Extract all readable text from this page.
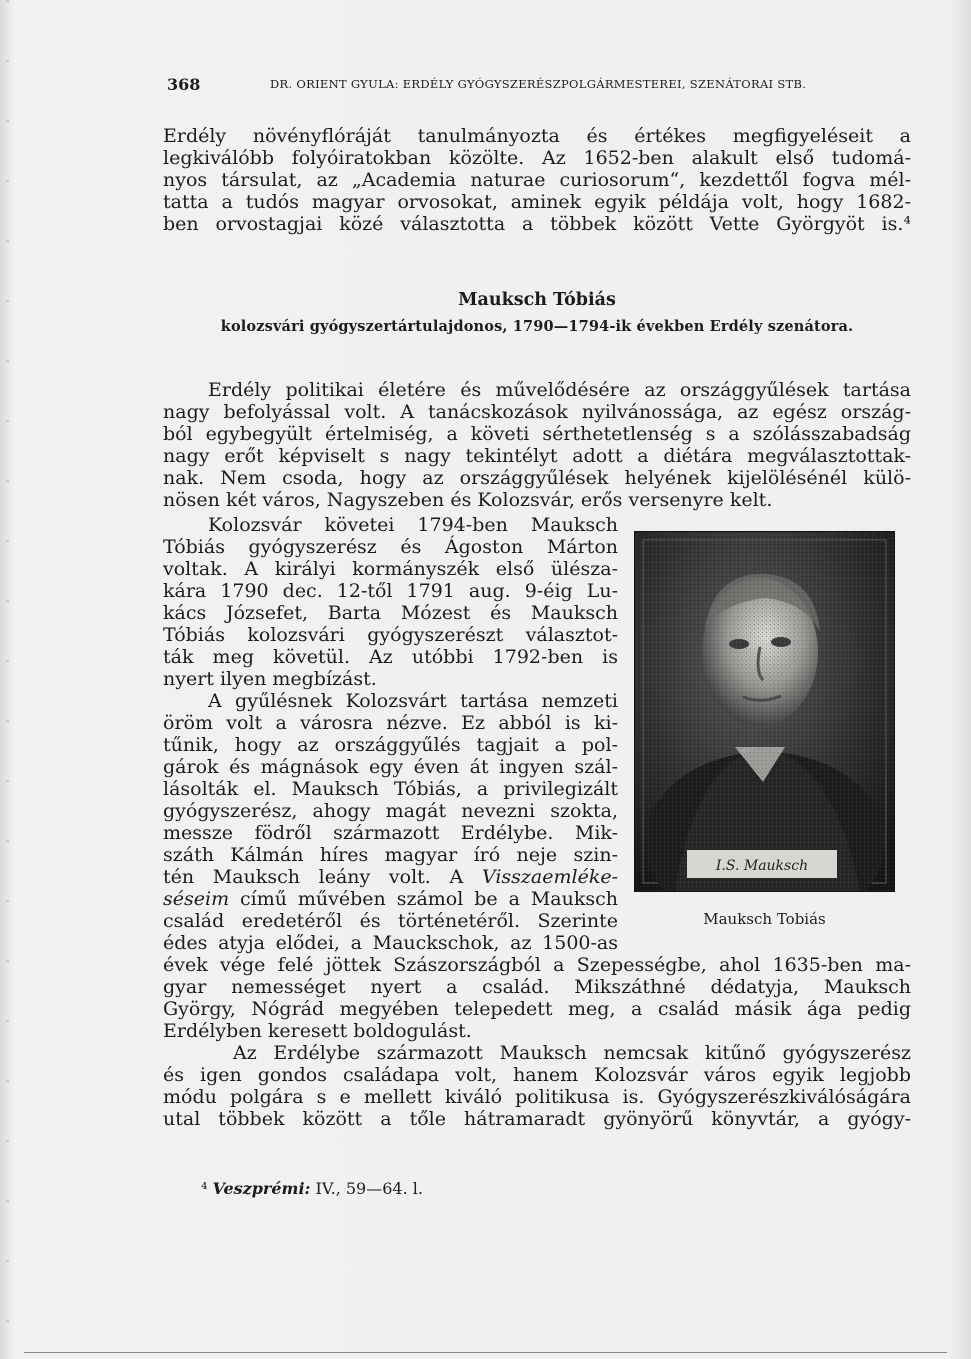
368	DR. ORIENT GYULA: ERDÉLY GYÓGYSZERÉSZPOLGÁRMESTEREI, SZENÁTORAI STB.

Erdély növényflóráját tanulmányozta és értékes megfigyeléseit a

legkiválóbb folyóiratokban közölte. Az 1652-ben alakult első tudomá-

nyos társulat, az „Academia naturae curiosorum“, kezdettől fogva mél-

tatta a tudós magyar orvosokat, aminek egyik példája volt, hogy 1682-

ben orvostagjai közé választotta a többek között Vette Györgyöt is.⁴

Mauksch Tóbiás
kolozsvári gyógyszertártulajdonos, 1790—1794-ik években Erdély szenátora.

Erdély politikai életére és művelődésére az országgyűlések tartása

nagy befolyással volt. A tanácskozások nyilvánossága, az egész ország-

ból egybegyült értelmiség, a követi sérthetetlenség s a szólásszabadság

nagy erőt képviselt s nagy tekintélyt adott a diétára megválasztottak-

nak. Nem csoda, hogy az országgyűlések helyének kijelölésénél külö-

nösen két város, Nagyszeben és Kolozsvár, erős versenyre kelt.

Kolozsvár követei 1794-ben Mauksch

Tóbiás gyógyszerész és Ágoston Márton

voltak. A királyi kormányszék első ülésza-

kára 1790 dec. 12-től 1791 aug. 9-éig Lu-

kács Józsefet, Barta Mózest és Mauksch

Tóbiás kolozsvári gyógyszerészt választot-

ták meg követül. Az utóbbi 1792-ben is

nyert ilyen megbízást.

A gyűlésnek Kolozsvárt tartása nemzeti

öröm volt a városra nézve. Ez abból is ki-

tűnik, hogy az országgyűlés tagjait a pol-

gárok és mágnások egy éven át ingyen szál-

lásolták el. Mauksch Tóbiás, a privilegizált

gyógyszerész, ahogy magát nevezni szokta,

messze födről származott Erdélybe. Mik-

száth Kálmán híres magyar író neje szin-

tén Mauksch leány volt. A Visszaemléke-

séseim című művében számol be a Mauksch

család eredetéről és történetéről. Szerinte

I.S. Mauksch
Mauksch Tobiás

édes atyja elődei, a Mauckschok, az 1500-as

évek vége felé jöttek Szászországból a Szepességbe, ahol 1635-ben ma-

gyar nemességet nyert a család. Mikszáthné dédatyja, Mauksch

György, Nógrád megyében telepedett meg, a család másik ága pedig

Erdélyben keresett boldogulást.

Az Erdélybe származott Mauksch nemcsak kitűnő gyógyszerész

és igen gondos családapa volt, hanem Kolozsvár város egyik legjobb

módu polgára s e mellett kiváló politikusa is. Gyógyszerészkiválóságára

utal többek között a tőle hátramaradt gyönyörű könyvtár, a gyógy-

⁴ Veszprémi: IV., 59—64. l.
